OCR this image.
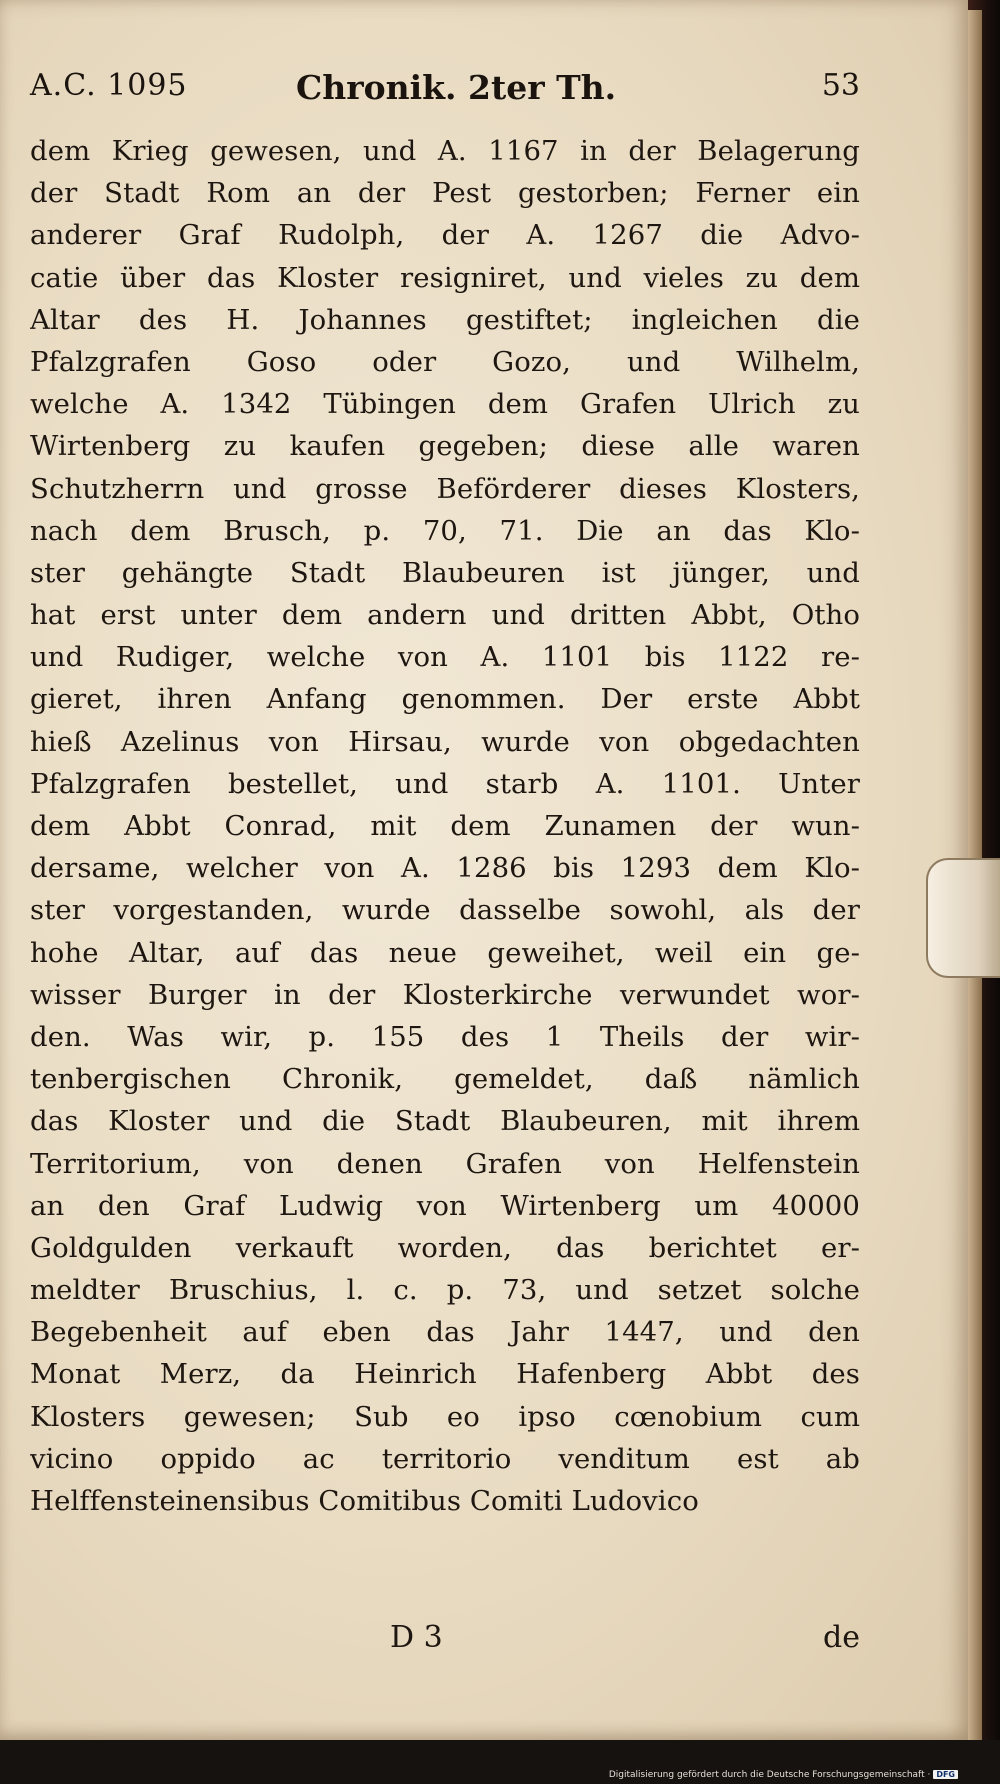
A.C. 1095	Chronik. 2ter Th.	53
dem Krieg gewesen, und A. 1167 in der Belagerung
der Stadt Rom an der Pest gestorben; Ferner ein
anderer Graf Rudolph, der A. 1267 die Advo-
catie über das Kloster resigniret, und vieles zu dem
Altar des H. Johannes gestiftet; ingleichen die
Pfalzgrafen Goso oder Gozo, und Wilhelm,
welche A. 1342 Tübingen dem Grafen Ulrich zu
Wirtenberg zu kaufen gegeben; diese alle waren
Schutzherrn und grosse Beförderer dieses Klosters,
nach dem Brusch, p. 70, 71. Die an das Klo-
ster gehängte Stadt Blaubeuren ist jünger, und
hat erst unter dem andern und dritten Abbt, Otho
und Rudiger, welche von A. 1101 bis 1122 re-
gieret, ihren Anfang genommen. Der erste Abbt
hieß Azelinus von Hirsau, wurde von obgedachten
Pfalzgrafen bestellet, und starb A. 1101. Unter
dem Abbt Conrad, mit dem Zunamen der wun-
dersame, welcher von A. 1286 bis 1293 dem Klo-
ster vorgestanden, wurde dasselbe sowohl, als der
hohe Altar, auf das neue geweihet, weil ein ge-
wisser Burger in der Klosterkirche verwundet wor-
den. Was wir, p. 155 des 1 Theils der wir-
tenbergischen Chronik, gemeldet, daß nämlich
das Kloster und die Stadt Blaubeuren, mit ihrem
Territorium, von denen Grafen von Helfenstein
an den Graf Ludwig von Wirtenberg um 40000
Goldgulden verkauft worden, das berichtet er-
meldter Bruschius, l. c. p. 73, und setzet solche
Begebenheit auf eben das Jahr 1447, und den
Monat Merz, da Heinrich Hafenberg Abbt des
Klosters gewesen; Sub eo ipso cœnobium cum
vicino oppido ac territorio venditum est ab
Helffensteinensibus Comitibus Comiti Ludovico
D 3	de
Digitalisierung gefördert durch die Deutsche Forschungsgemeinschaft · DFG
